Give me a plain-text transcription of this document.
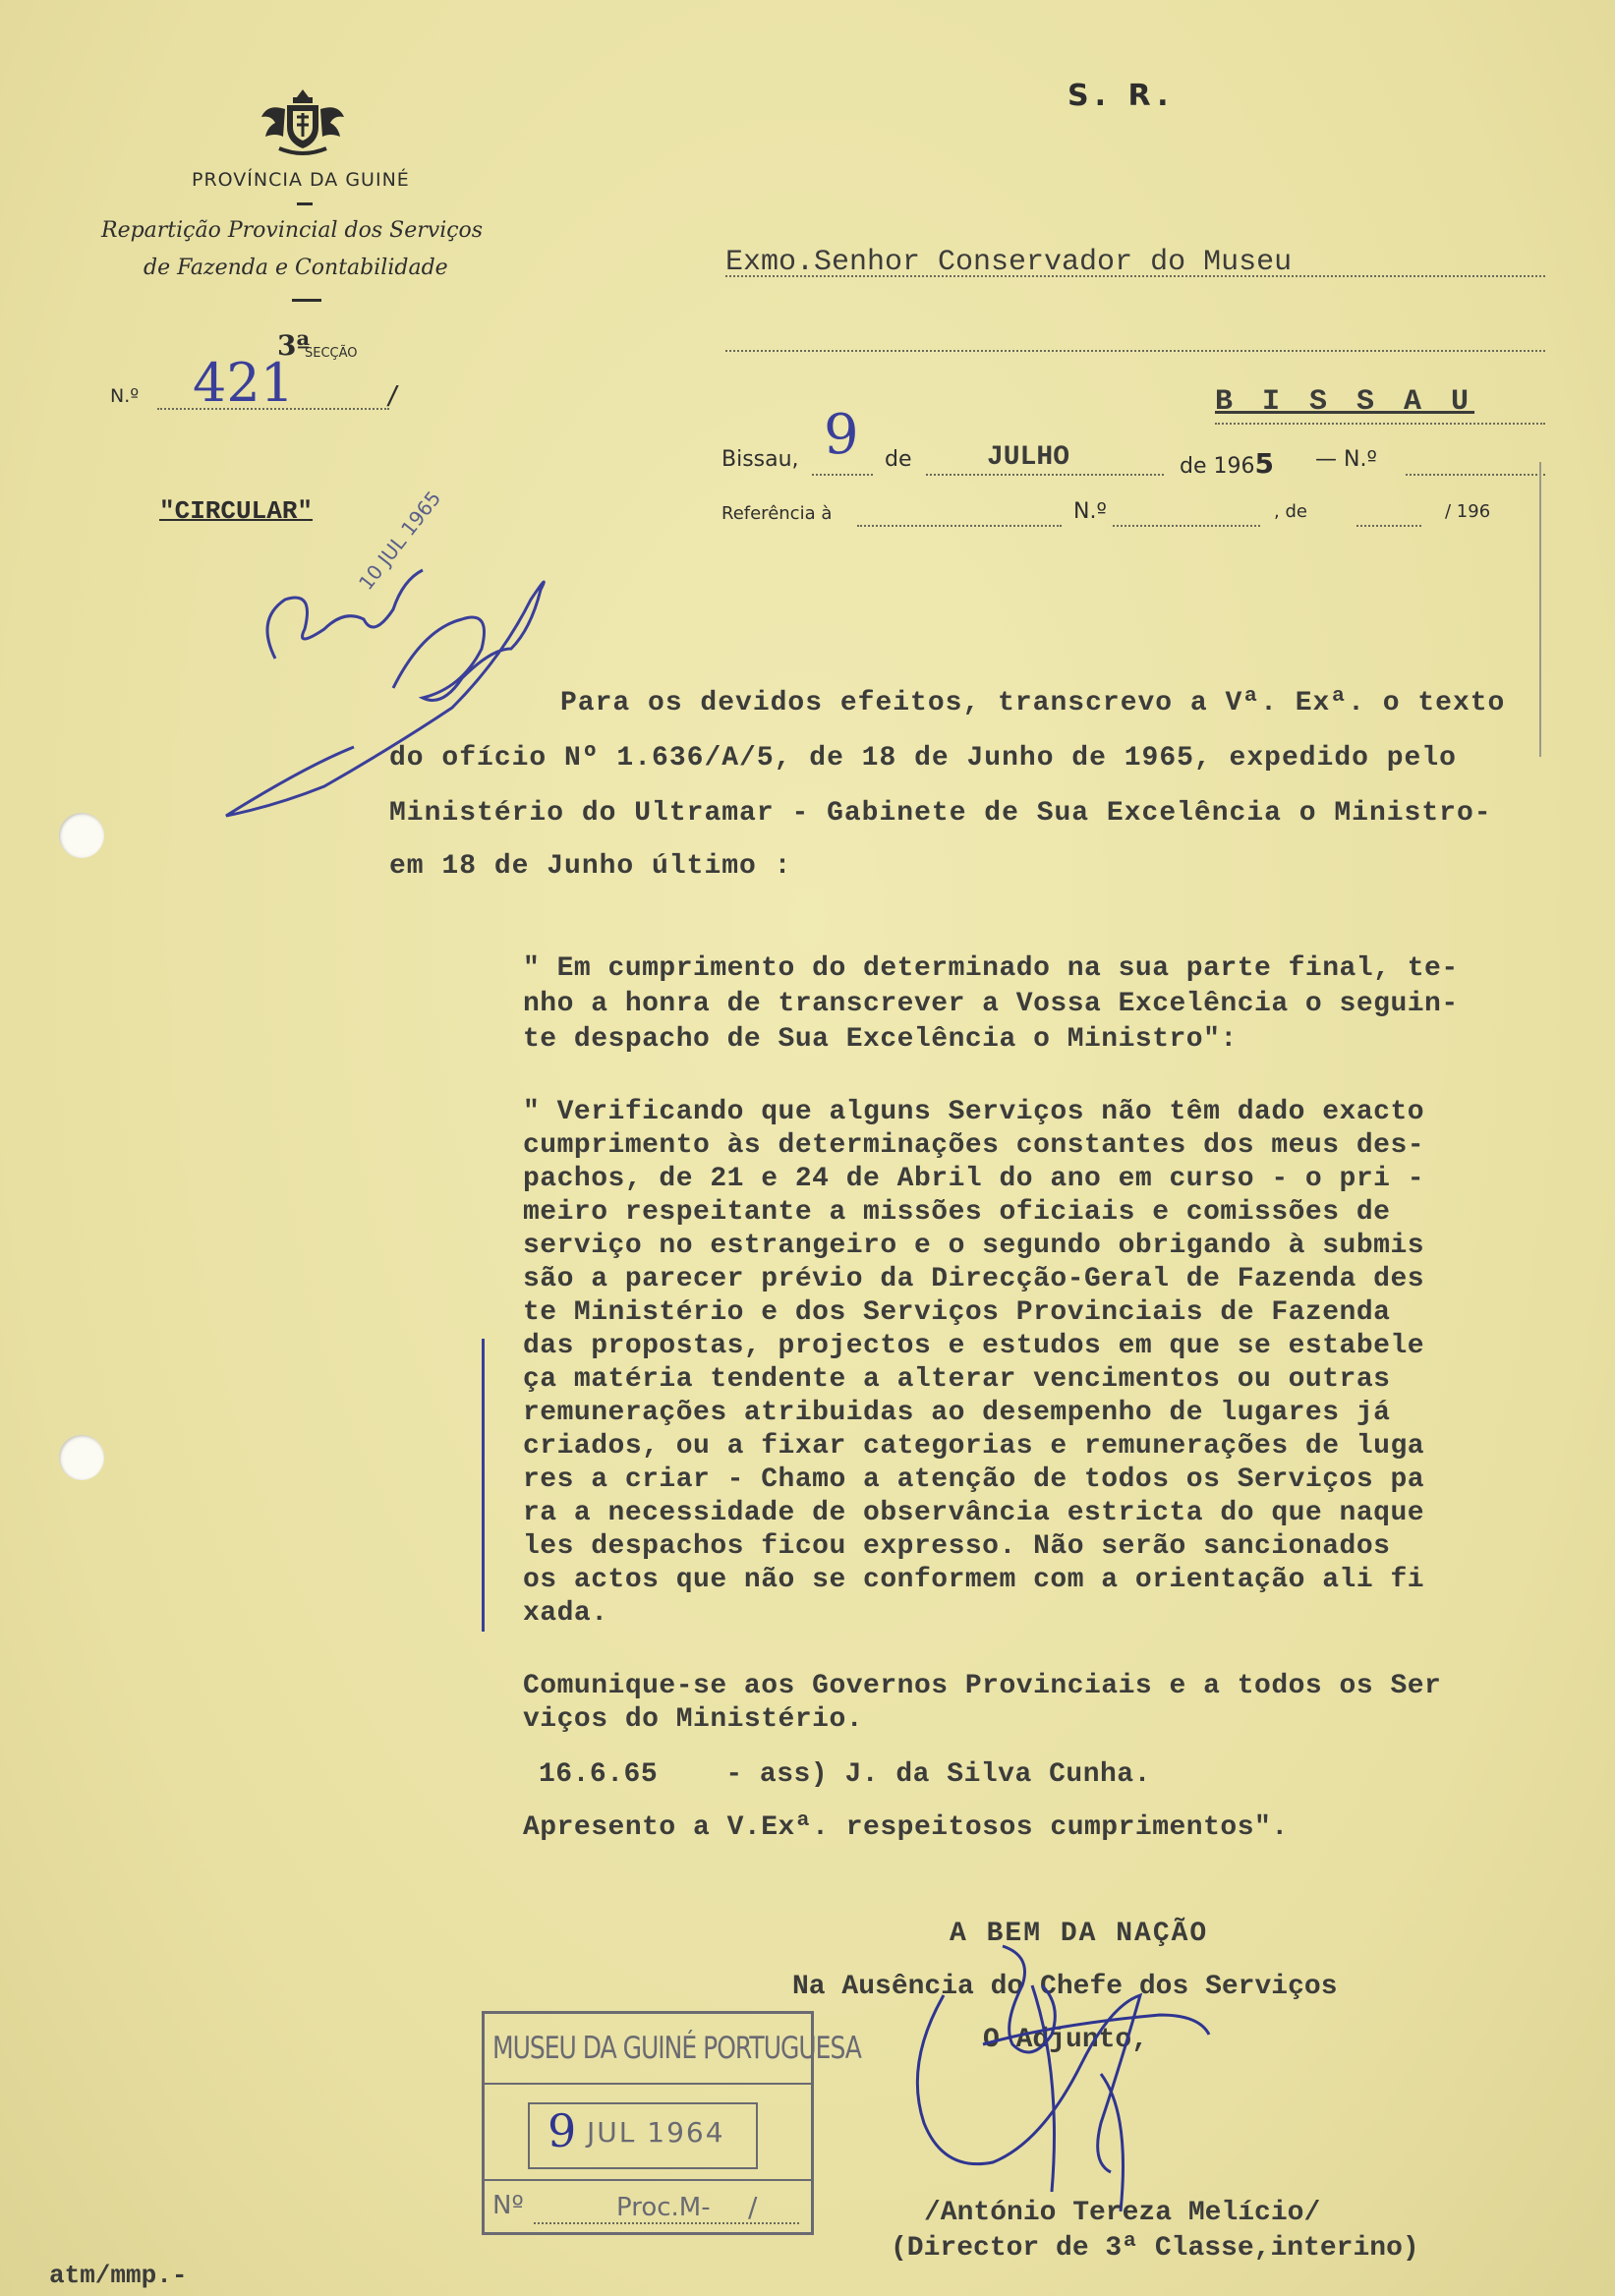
PROVÍNCIA DA GUINÉ
Repartição Provincial dos Serviços
de Fazenda e Contabilidade
3ª
SECÇÃO
N.º 421	/
"CIRCULAR"
S. R.
Exmo.Senhor Conservador do Museu
B I S S A U
Bissau, 9 de	JULHO	de 1965 — N.º
Referência à	N.º	, de	/ 196
10 JUL 1965
Para os devidos efeitos, transcrevo a Vª. Exª. o texto
do ofício Nº 1.636/A/5, de 18 de Junho de 1965, expedido pelo
Ministério do Ultramar - Gabinete de Sua Excelência o Ministro-
em 18 de Junho último :
" Em cumprimento do determinado na sua parte final, te-
nho a honra de transcrever a Vossa Excelência o seguin-
te despacho de Sua Excelência o Ministro":
" Verificando que alguns Serviços não têm dado exacto
cumprimento às determinações constantes dos meus des-
pachos, de 21 e 24 de Abril do ano em curso - o pri -
meiro respeitante a missões oficiais e comissões de
serviço no estrangeiro e o segundo obrigando à submis
são a parecer prévio da Direcção-Geral de Fazenda des
te Ministério e dos Serviços Provinciais de Fazenda
das propostas, projectos e estudos em que se estabele
ça matéria tendente a alterar vencimentos ou outras
remunerações atribuidas ao desempenho de lugares já
criados, ou a fixar categorias e remunerações de luga
res a criar - Chamo a atenção de todos os Serviços pa
ra a necessidade de observância estricta do que naque
les despachos ficou expresso. Não serão sancionados
os actos que não se conformem com a orientação ali fi
xada.
Comunique-se aos Governos Provinciais e a todos os Ser
viços do Ministério.
16.6.65    - ass) J. da Silva Cunha.
Apresento a V.Exª. respeitosos cumprimentos".
A BEM DA NAÇÃO
Na Ausência do Chefe dos Serviços
O Adjunto,
/António Tereza Melício/
(Director de 3ª Classe,interino)
MUSEU DA GUINÉ PORTUGUESA
9 JUL 1964
Nº	Proc.M- /
atm/mmp.-
